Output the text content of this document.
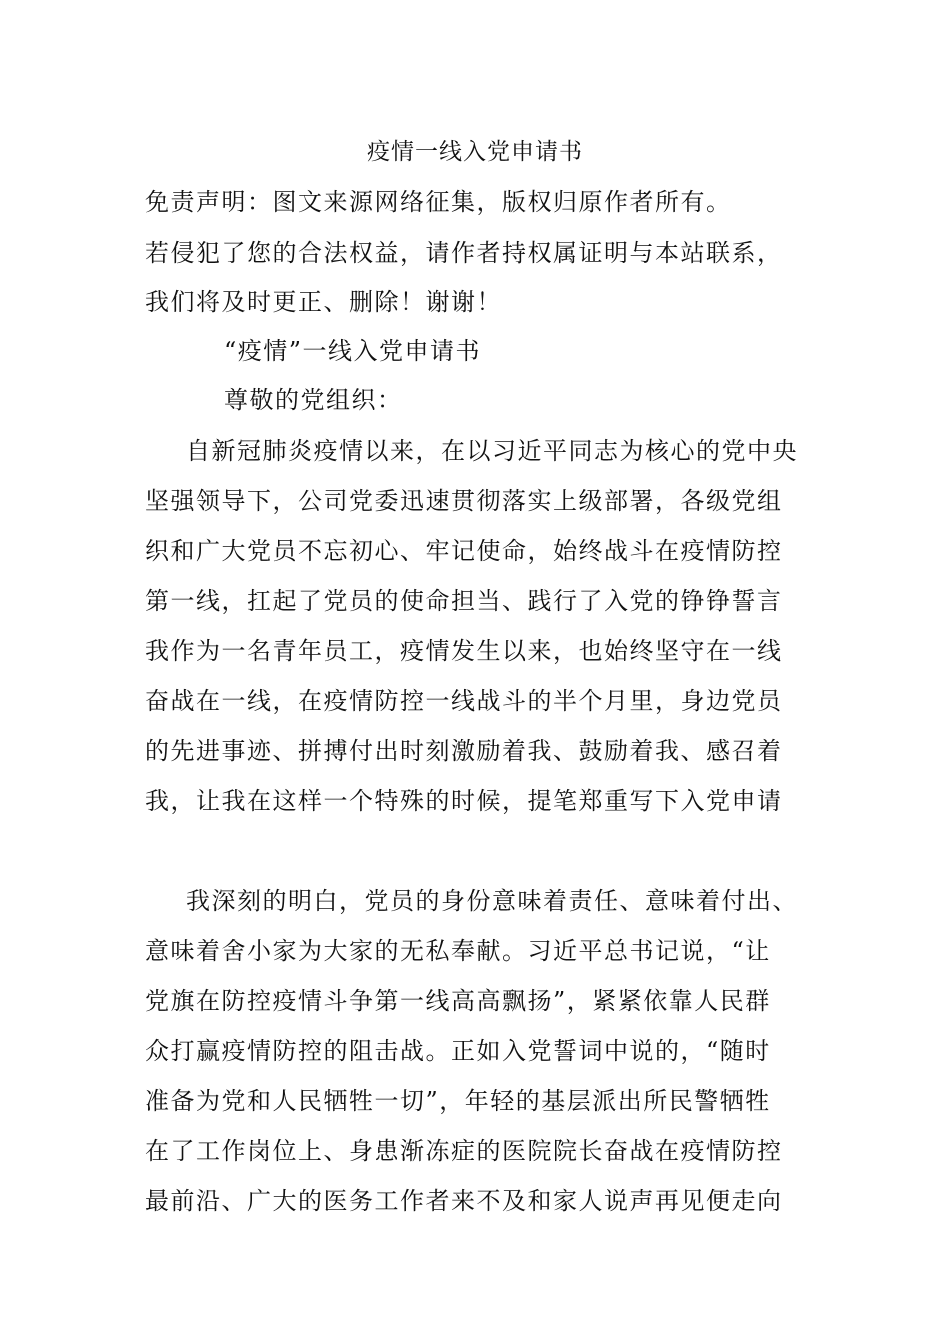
疫情一线入党申请书
免责声明：图文来源网络征集，版权归原作者所有。
若侵犯了您的合法权益，请作者持权属证明与本站联系，
我们将及时更正、删除！谢谢！
“疫情”一线入党申请书
尊敬的党组织：
自新冠肺炎疫情以来，在以习近平同志为核心的党中央
坚强领导下，公司党委迅速贯彻落实上级部署，各级党组
织和广大党员不忘初心、牢记使命，始终战斗在疫情防控
第一线，扛起了党员的使命担当、践行了入党的铮铮誓言
我作为一名青年员工，疫情发生以来，也始终坚守在一线
奋战在一线，在疫情防控一线战斗的半个月里，身边党员
的先进事迹、拼搏付出时刻激励着我、鼓励着我、感召着
我，让我在这样一个特殊的时候，提笔郑重写下入党申请
我深刻的明白，党员的身份意味着责任、意味着付出、
意味着舍小家为大家的无私奉献。习近平总书记说，“让
党旗在防控疫情斗争第一线高高飘扬”，紧紧依靠人民群
众打赢疫情防控的阻击战。正如入党誓词中说的，“随时
准备为党和人民牺牲一切”，年轻的基层派出所民警牺牲
在了工作岗位上、身患渐冻症的医院院长奋战在疫情防控
最前沿、广大的医务工作者来不及和家人说声再见便走向
